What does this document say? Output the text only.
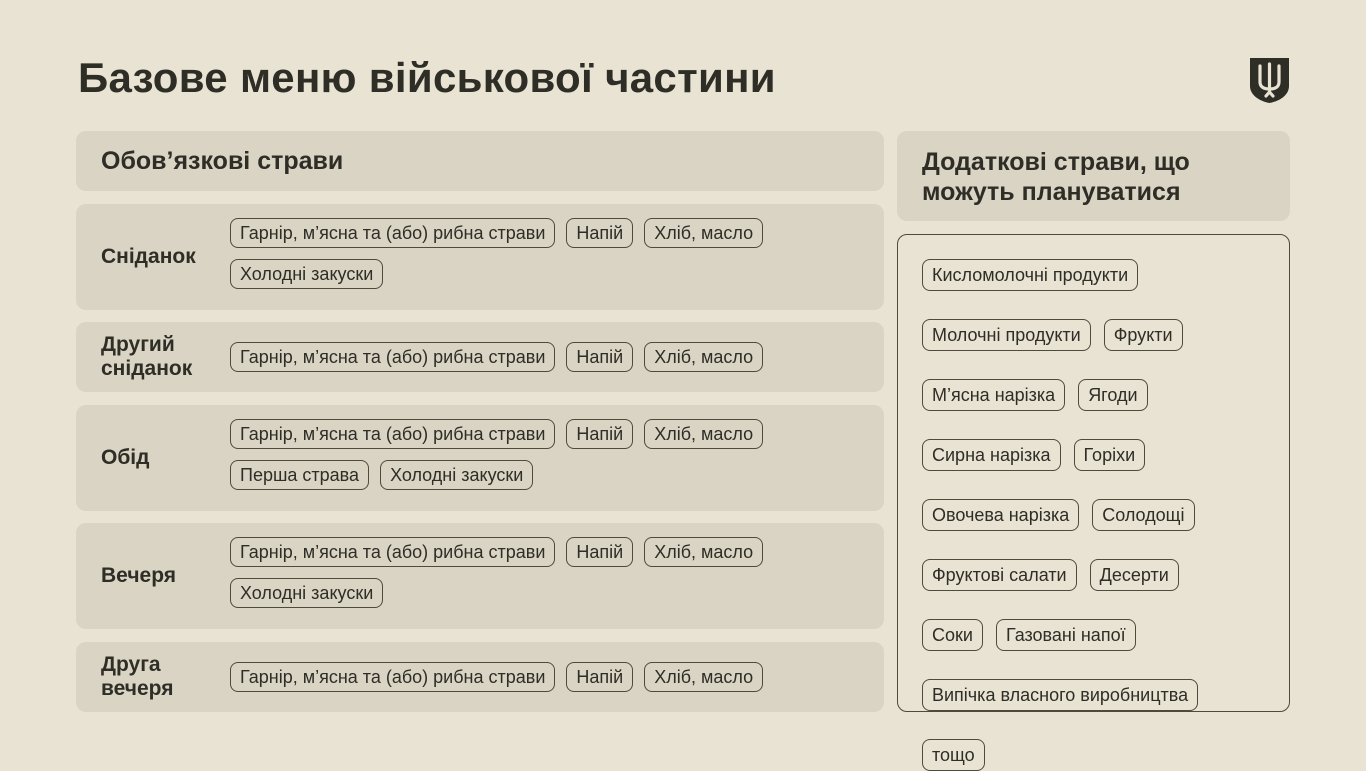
Базове меню військової частини
Обов’язкові страви
Сніданок
Гарнір, м’ясна та (або) рибна страви	Напій	Хліб, масло
Холодні закуски
Другий сніданок
Гарнір, м’ясна та (або) рибна страви	Напій	Хліб, масло
Обід
Гарнір, м’ясна та (або) рибна страви	Напій	Хліб, масло
Перша страва	Холодні закуски
Вечеря
Гарнір, м’ясна та (або) рибна страви	Напій	Хліб, масло
Холодні закуски
Друга вечеря
Гарнір, м’ясна та (або) рибна страви	Напій	Хліб, масло
Додаткові страви, що можуть плануватися
Кисломолочні продукти
Молочні продукти	Фрукти
М’ясна нарізка	Ягоди
Сирна нарізка	Горіхи
Овочева нарізка	Солодощі
Фруктові салати	Десерти
Соки	Газовані напої
Випічка власного виробництва
тощо
